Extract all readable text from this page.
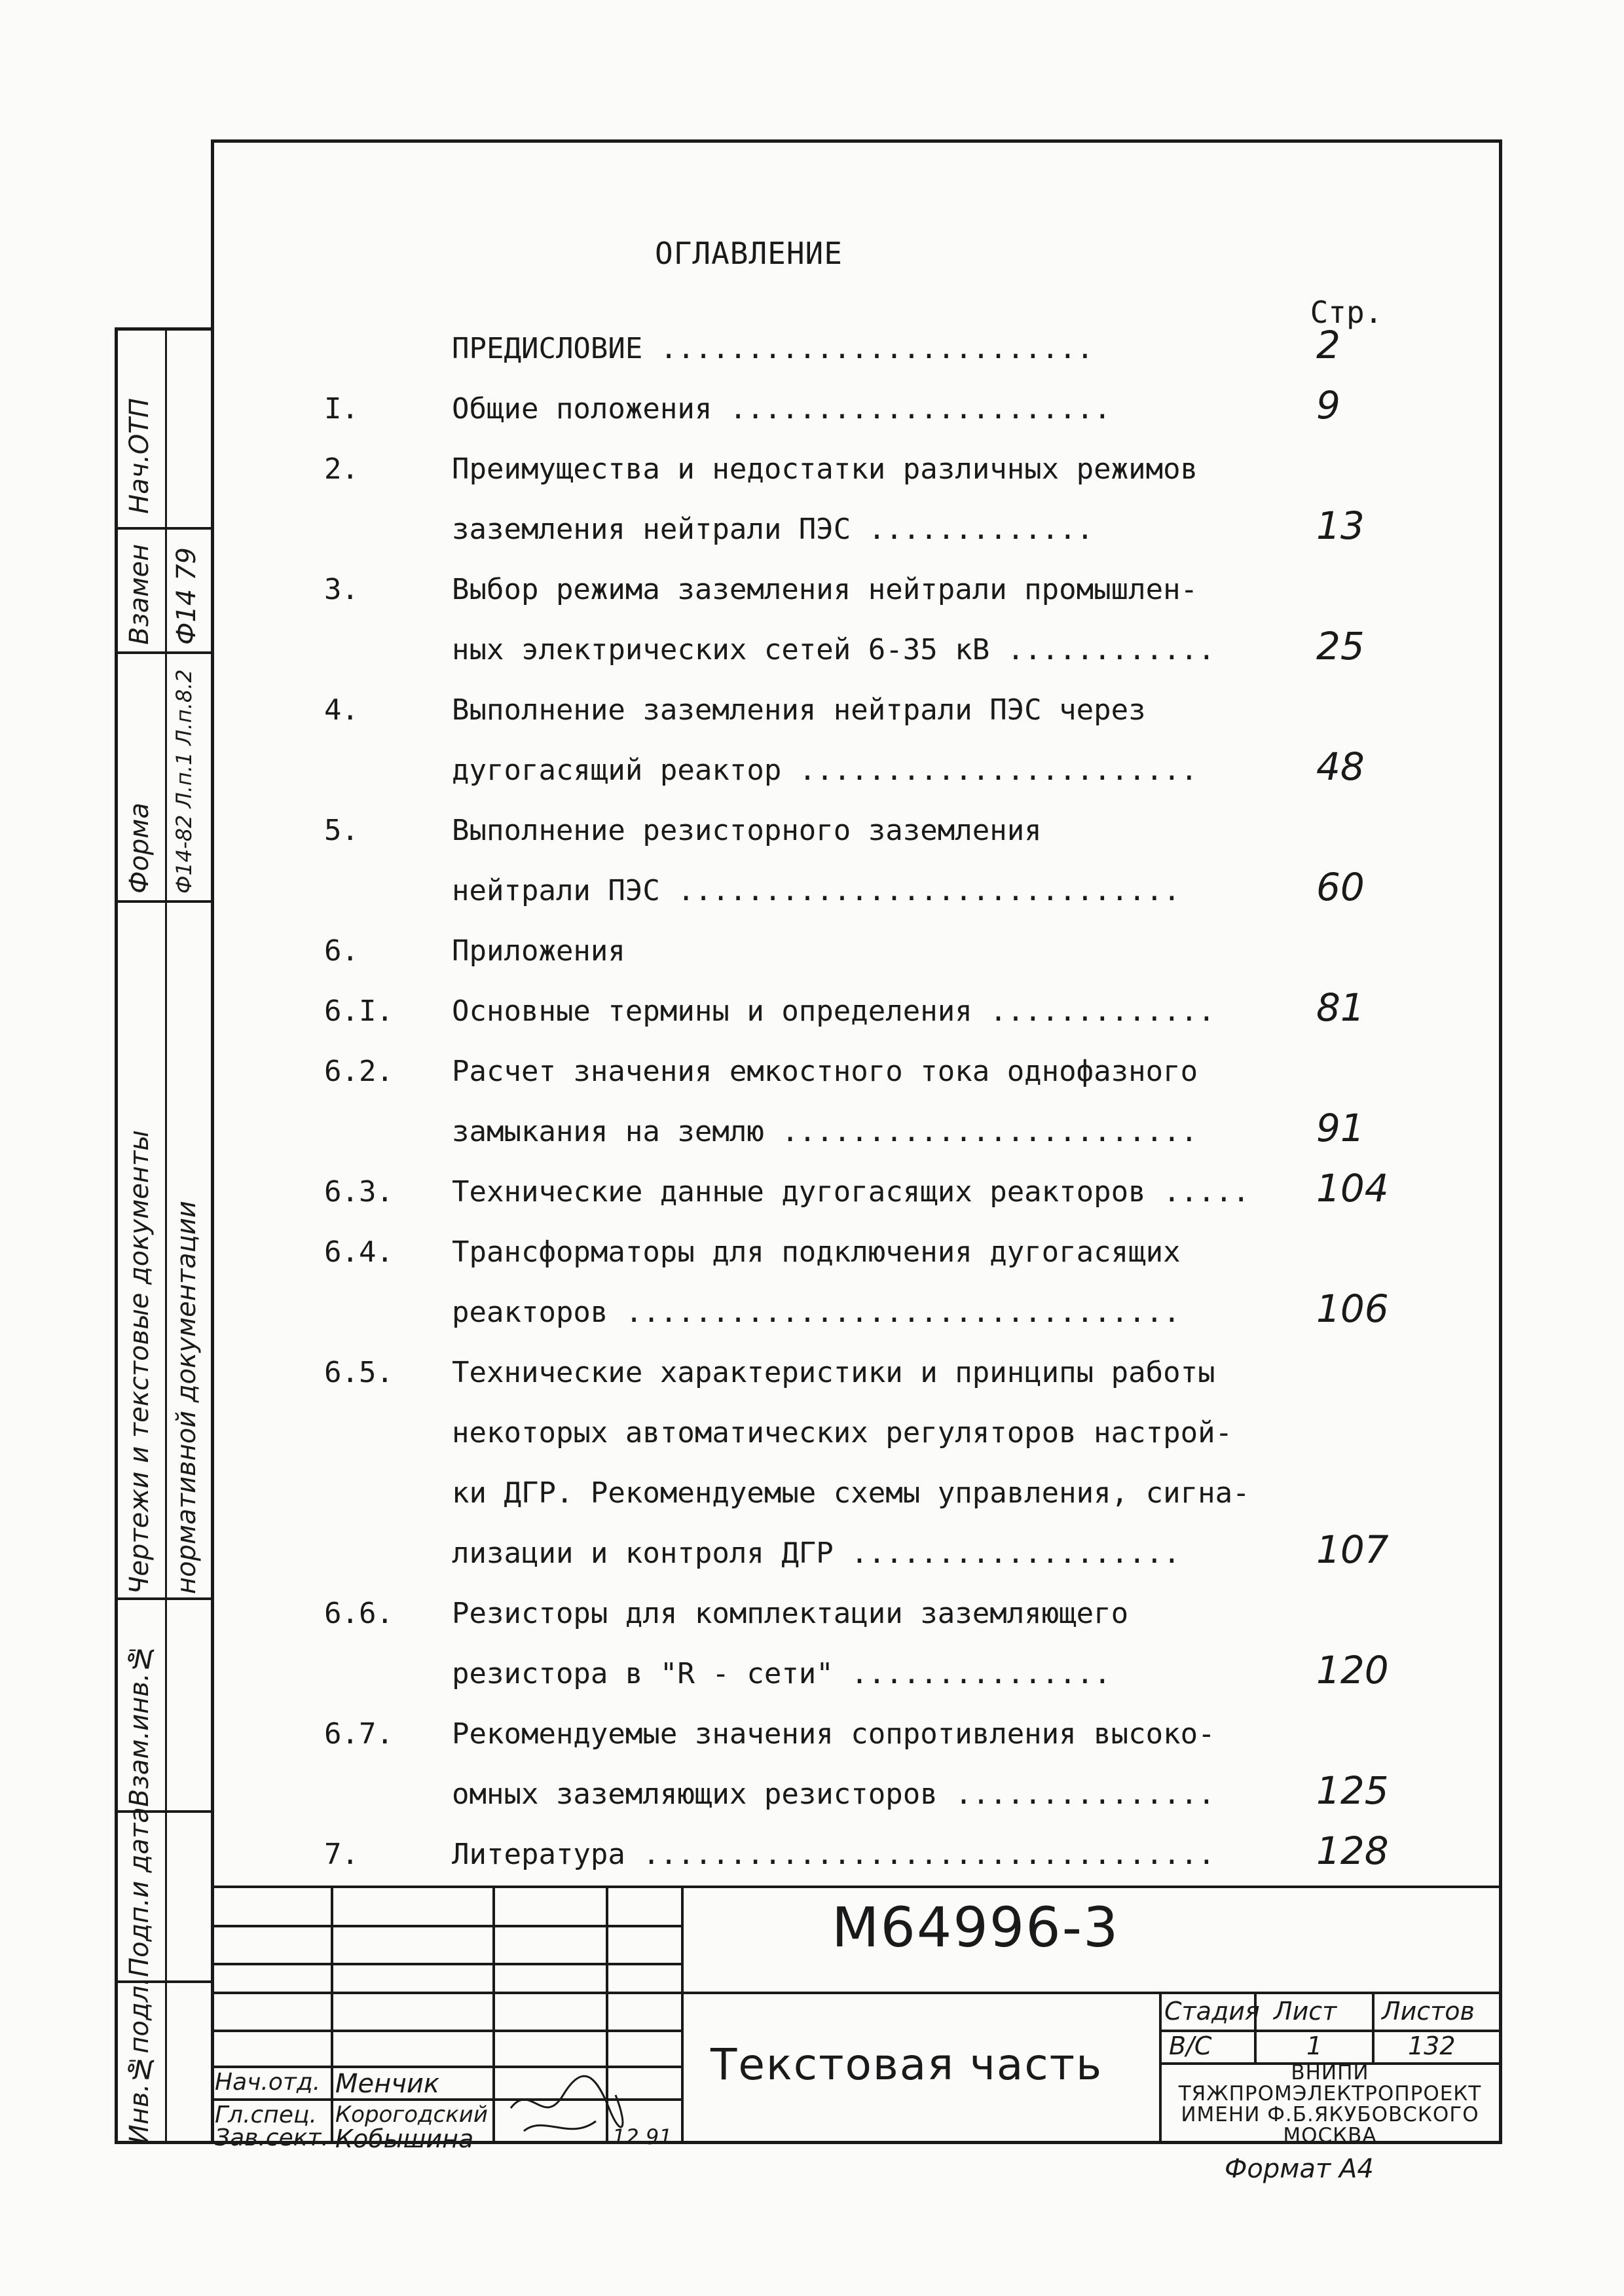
ОГЛАВЛЕНИЕ
Стр.
ПРЕДИСЛОВИЕ .........................	2
I.	Общие положения ......................	9
2.	Преимущества и недостатки различных режимов
заземления нейтрали ПЭС .............	13
3.	Выбор режима заземления нейтрали промышлен-
ных электрических сетей 6-35 кВ ............	25
4.	Выполнение заземления нейтрали ПЭС через
дугогасящий реактор .......................	48
5.	Выполнение резисторного заземления
нейтрали ПЭС .............................	60
6.	Приложения
6.I. Основные термины и определения .............	81
6.2. Расчет значения емкостного тока однофазного
замыкания на землю ........................	91
6.3. Технические данные дугогасящих реакторов ..... 104
6.4. Трансформаторы для подключения дугогасящих
реакторов ................................	106
6.5. Технические характеристики и принципы работы
некоторых автоматических регуляторов настрой-
ки ДГР. Рекомендуемые схемы управления, сигна-
лизации и контроля ДГР ...................	107
6.6. Резисторы для комплектации заземляющего
резистора в "R - сети" ...............	120
6.7. Рекомендуемые значения сопротивления высоко-
омных заземляющих резисторов ...............	125
7.	Литература .................................	128
Нач.ОТП
Взамен Ф14 79
Форма Ф14-82 Л.п.1 Л.п.8.2
Чертежи и текстовые документы нормативной документации
Взам.инв.№
Подп.и дата
Инв.№подл.
М64996-3
Текстовая часть
Стадия Лист Листов
В/С	1	132
ВНИПИ
ТЯЖПРОМЭЛЕКТРОПРОЕКТ
ИМЕНИ Ф.Б.ЯКУБОВСКОГО
МОСКВА
Нач.отд. Менчик
Гл.спец. Корогодский
Зав.сект. Кобышина	12.91
Формат А4
